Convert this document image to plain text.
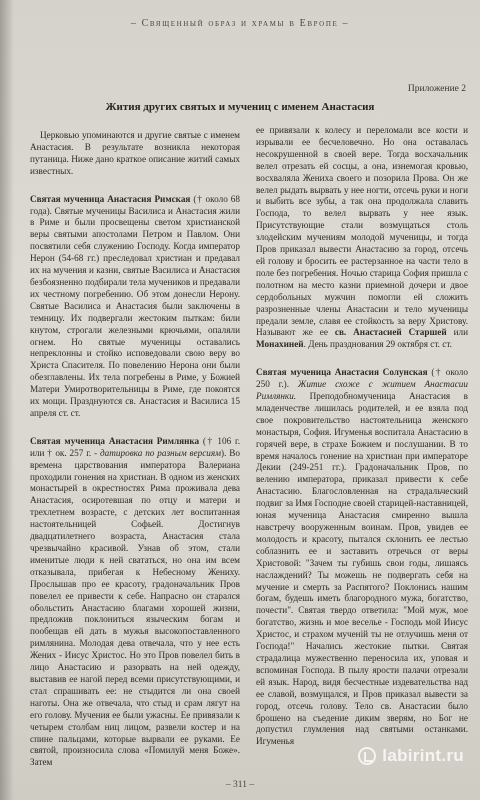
– Священный образ и храмы в Европе –
Приложение 2
Жития других святых и мучениц с именем Анастасия

Церковью упоминаются и другие святые с именем Анастасия. В результате возникла некоторая путаница. Ниже дано краткое описание житий самых известных.

Святая мученица Анастасия Римская († около 68 года). Святые мученицы Василиса и Анастасия жили в Риме и были просвещены светом христианской веры святыми апостолами Петром и Павлом. Они посвятили себя служению Господу. Когда император Нерон (54-68 гг.) преследовал христиан и предавал их на мучения и казни, святые Василиса и Анастасия безбоязненно подбирали тела мучеников и предавали их честному погребению. Об этом донесли Нерону. Святые Василиса и Анастасия были заключены в темницу. Их подвергали жестоким пыткам: били кнутом, строгали железными крючьями, опаляли огнем. Но святые мученицы оставались непреклонны и стойко исповедовали свою веру во Христа Спасителя. По повелению Нерона они были обезглавлены. Их тела погребены в Риме, у Божией Матери Умиротворительницы в Риме, где покоятся их мощи. Празднуются св. Анастасия и Василиса 15 апреля ст. ст.

Святая мученица Анастасия Римлянка († 106 г. или † ок. 257 г. - датировка по разным версиям). Во времена царствования императора Валериана проходили гонения на христиан. В одном из женских монастырей в окрестностях Рима проживала дева Анастасия, осиротевшая по отцу и матери и трехлетнем возрасте, с детских лет воспитанная настоятельницей Софьей. Достигнув двадцатилетнего возраста, Анастасия стала чрезвычайно красивой. Узнав об этом, стали именитые люди к ней свататься, но она им всем отказывала, прибегая к Небесному Жениху. Прослышав про ее красоту, градоначальник Пров повелел ее привести к себе. Напрасно он старался обольстить Анастасию благами хорошей жизни, предложив поклониться языческим богам и пообещав ей дать в мужья высокопоставленного римлянина. Молодая дева отвечала, что у нее есть Жених - Иисус Христос. Но это Пров повелел бить в лицо Анастасию и разорвать на ней одежду, выставив ее нагой перед всеми присутствующими, и стал спрашивать ее: не стыдится ли она своей наготы. Она же отвечала, что стыд и срам лягут на его голову. Мучения ее были ужасны. Ее привязали к четырем столбам ниц лицом, развели костер и на спине пальцами, которые вырвали ее руками. Ее святой, произносила слова «Помилуй меня Боже». Затем

ее привязали к колесу и переломали все кости и изрывали ее бесчеловечно. Но она оставалась несокрушенной в своей вере. Тогда восхачальник велел отрезать ей сосцы, а она, изнемогая кровью, восхваляла Жениха своего и позорила Прова. Он же велел рыдать вырвать у нее ногти, отсечь руки и ноги и выбить все зубы, а так она продолжала славить Господа, то велел вырвать у нее язык. Присутствующие стали возмущаться столь злодейским мучениям молодой мученицы, и тогда Пров приказал вывести Анастасию за город, отсечь ей голову и бросить ее растерзанное на части тело в поле без погребения. Ночью старица София пришла с полотном на место казни приемной дочери и двое сердобольных мужчин помогли ей сложить разрозненные члены Анастасии и тело мученицы предали земле, славя ее стойкость за веру Христову. Называют же ее св. Анастасией Старшей или Монахиней. День празднования 29 октября ст. ст.

Святая мученица Анастасия Солунская († около 250 г.). Житие схоже с житием Анастасии Римлянки. Преподобномученица Анастасия в младенчестве лишилась родителей, и ее взяла под свое покровительство настоятельница женского монастыря, София. Игуменья воспитала Анастасию в горячей вере, в страхе Божием и послушании. В то время началось гонение на христиан при императоре Декии (249-251 гг.). Градоначальник Пров, по велению императора, приказал привести к себе Анастасию. Благословленная на страдальческий подвиг за Имя Господне своей старицей-наставницей, юная мученица Анастасия смиренно вышла навстречу вооруженным воинам. Пров, увидев ее молодость и красоту, пытался склонить ее лестью соблазнить ее и заставить отречься от веры Христовой: "Зачем ты губишь свои годы, лишаясь наслаждений? Ты можешь не подвергать себя на мучение и смерть за Распятого? Поклонись нашим богам, будешь иметь благородного мужа, богатство, почести". Святая твердо ответила: "Мой муж, мое богатство, жизнь и мое веселье - Господь мой Иисус Христос, и страхом мученій ты не отлучишь меня от Господа!" Начались жестокие пытки. Святая страдалица мужественно переносила их, уповая и вспоминая Господа. В пылу ярости палачи отрезали ей язык. Народ, видя бесчестные издевательства над ее славой, возмущался, и Пров приказал вывести за город, отсечь голову. Тело св. Анастасии было брошено на съедение диким зверям, но Бог не допустил глумления над святыми останками. Игуменья

labirint.ru
– 311 –
